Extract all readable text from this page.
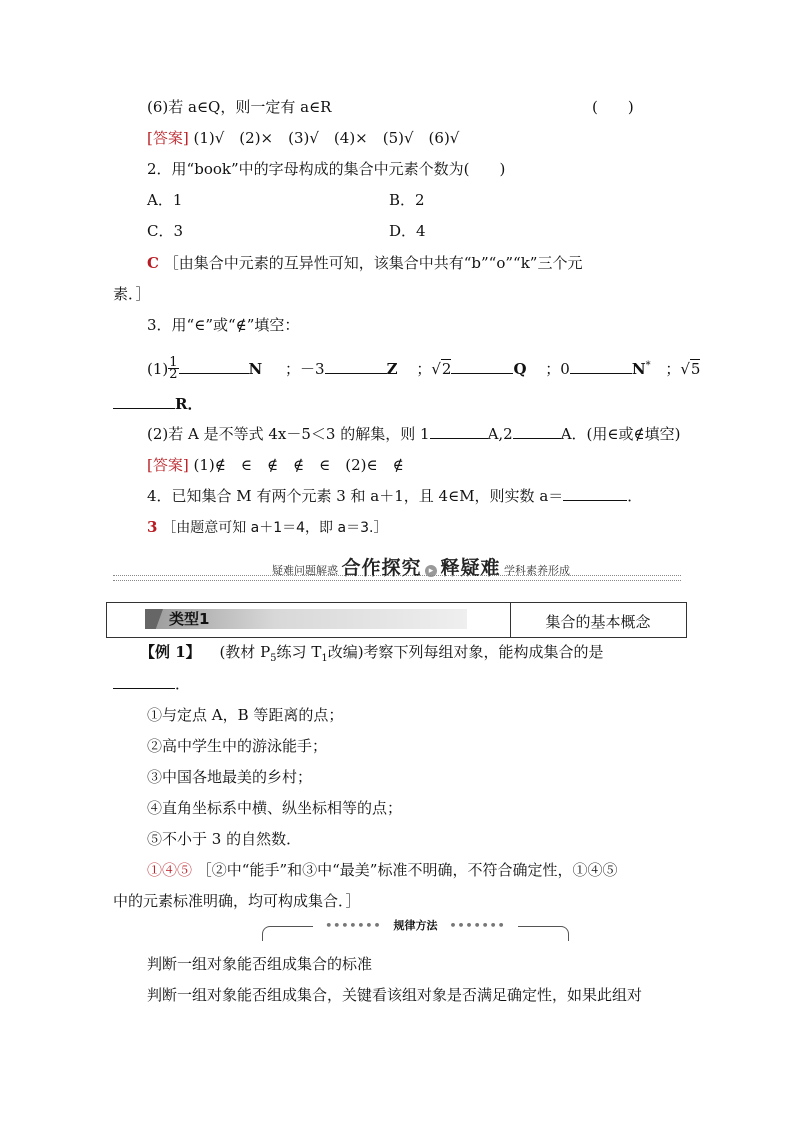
(6)若 a∈Q，则一定有 a∈R	(　　)
[答案] (1)√　(2)×　(3)√　(4)×　(5)√　(6)√
2．用“book”中的字母构成的集合中元素个数为(　　)
A．1	B．2
C．3	D．4
C ［由集合中元素的互异性可知，该集合中共有“b”“o”“k”三个元
素．］
3．用“∈”或“∉”填空：
$(1) \frac{1}{2}$	N ；－3	Z ；√2	Q ；0	N* ；√5
R．
(2)若 A 是不等式 4x－5＜3 的解集，则 1	A,2	A．(用∈或∉填空)
[答案] (1)∉　∈　∉　∉　∈　(2)∈　∉
4．已知集合 M 有两个元素 3 和 a＋1，且 4∈M，则实数 a＝	．
3 ［由题意可知 a＋1＝4，即 a＝3.］
疑难问题解惑 合作探究 ▸ 释疑难 学科素养形成
类型1	集合的基本概念
【例 1】 (教材 $P_5$练习 $T_1$改编)考察下列每组对象，能构成集合的是
．
①与定点 A，B 等距离的点；
②高中学生中的游泳能手；
③中国各地最美的乡村；
④直角坐标系中横、纵坐标相等的点；
⑤不小于 3 的自然数．
①④⑤ ［②中“能手”和③中“最美”标准不明确，不符合确定性，①④⑤
中的元素标准明确，均可构成集合．］
••••••• 规律方法 •••••••
判断一组对象能否组成集合的标准
判断一组对象能否组成集合，关键看该组对象是否满足确定性，如果此组对
